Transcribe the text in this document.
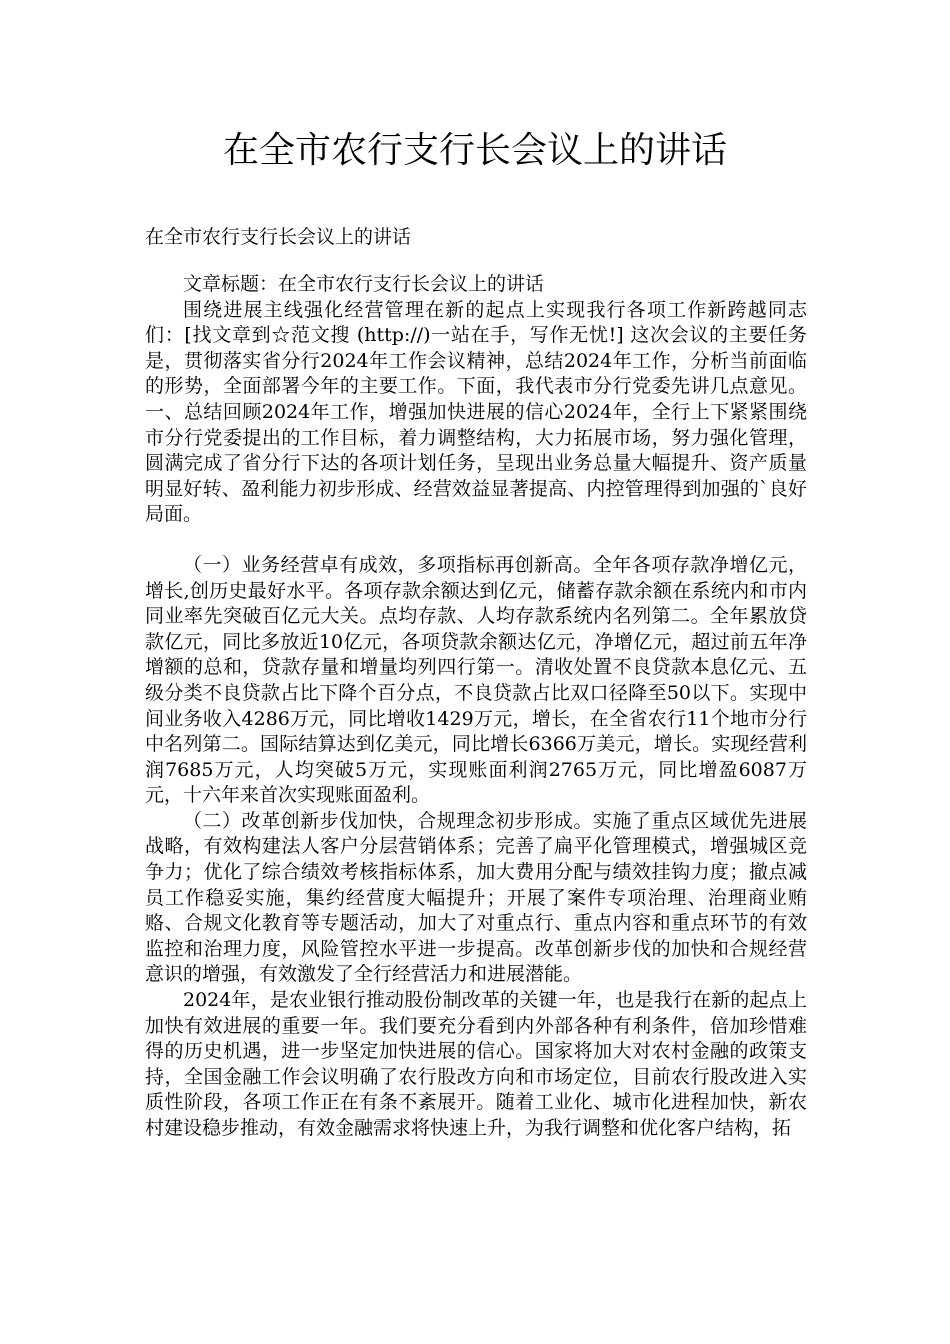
在全市农行支行长会议上的讲话
在全市农行支行长会议上的讲话

文章标题：在全市农行支行长会议上的讲话

围绕进展主线强化经营管理在新的起点上实现我行各项工作新跨越同志们：[找文章到☆范文搜 (http://)一站在手，写作无忧!] 这次会议的主要任务是，贯彻落实省分行2024年工作会议精神，总结2024年工作，分析当前面临的形势，全面部署今年的主要工作。下面，我代表市分行党委先讲几点意见。一、总结回顾2024年工作，增强加快进展的信心2024年，全行上下紧紧围绕市分行党委提出的工作目标，着力调整结构，大力拓展市场，努力强化管理，圆满完成了省分行下达的各项计划任务，呈现出业务总量大幅提升、资产质量明显好转、盈利能力初步形成、经营效益显著提高、内控管理得到加强的`良好局面。

（一）业务经营卓有成效，多项指标再创新高。全年各项存款净增亿元，增长,创历史最好水平。各项存款余额达到亿元，储蓄存款余额在系统内和市内同业率先突破百亿元大关。点均存款、人均存款系统内名列第二。全年累放贷款亿元，同比多放近10亿元，各项贷款余额达亿元，净增亿元，超过前五年净增额的总和，贷款存量和增量均列四行第一。清收处置不良贷款本息亿元、五级分类不良贷款占比下降个百分点，不良贷款占比双口径降至50以下。实现中间业务收入4286万元，同比增收1429万元，增长，在全省农行11个地市分行中名列第二。国际结算达到亿美元，同比增长6366万美元，增长。实现经营利润7685万元，人均突破5万元，实现账面利润2765万元，同比增盈6087万元，十六年来首次实现账面盈利。

（二）改革创新步伐加快，合规理念初步形成。实施了重点区域优先进展战略，有效构建法人客户分层营销体系；完善了扁平化管理模式，增强城区竞争力；优化了综合绩效考核指标体系，加大费用分配与绩效挂钩力度；撤点减员工作稳妥实施，集约经营度大幅提升；开展了案件专项治理、治理商业贿赂、合规文化教育等专题活动，加大了对重点行、重点内容和重点环节的有效监控和治理力度，风险管控水平进一步提高。改革创新步伐的加快和合规经营意识的增强，有效激发了全行经营活力和进展潜能。

2024年，是农业银行推动股份制改革的关键一年，也是我行在新的起点上加快有效进展的重要一年。我们要充分看到内外部各种有利条件，倍加珍惜难得的历史机遇，进一步坚定加快进展的信心。国家将加大对农村金融的政策支持，全国金融工作会议明确了农行股改方向和市场定位，目前农行股改进入实质性阶段，各项工作正在有条不紊展开。随着工业化、城市化进程加快，新农村建设稳步推动，有效金融需求将快速上升，为我行调整和优化客户结构，拓
